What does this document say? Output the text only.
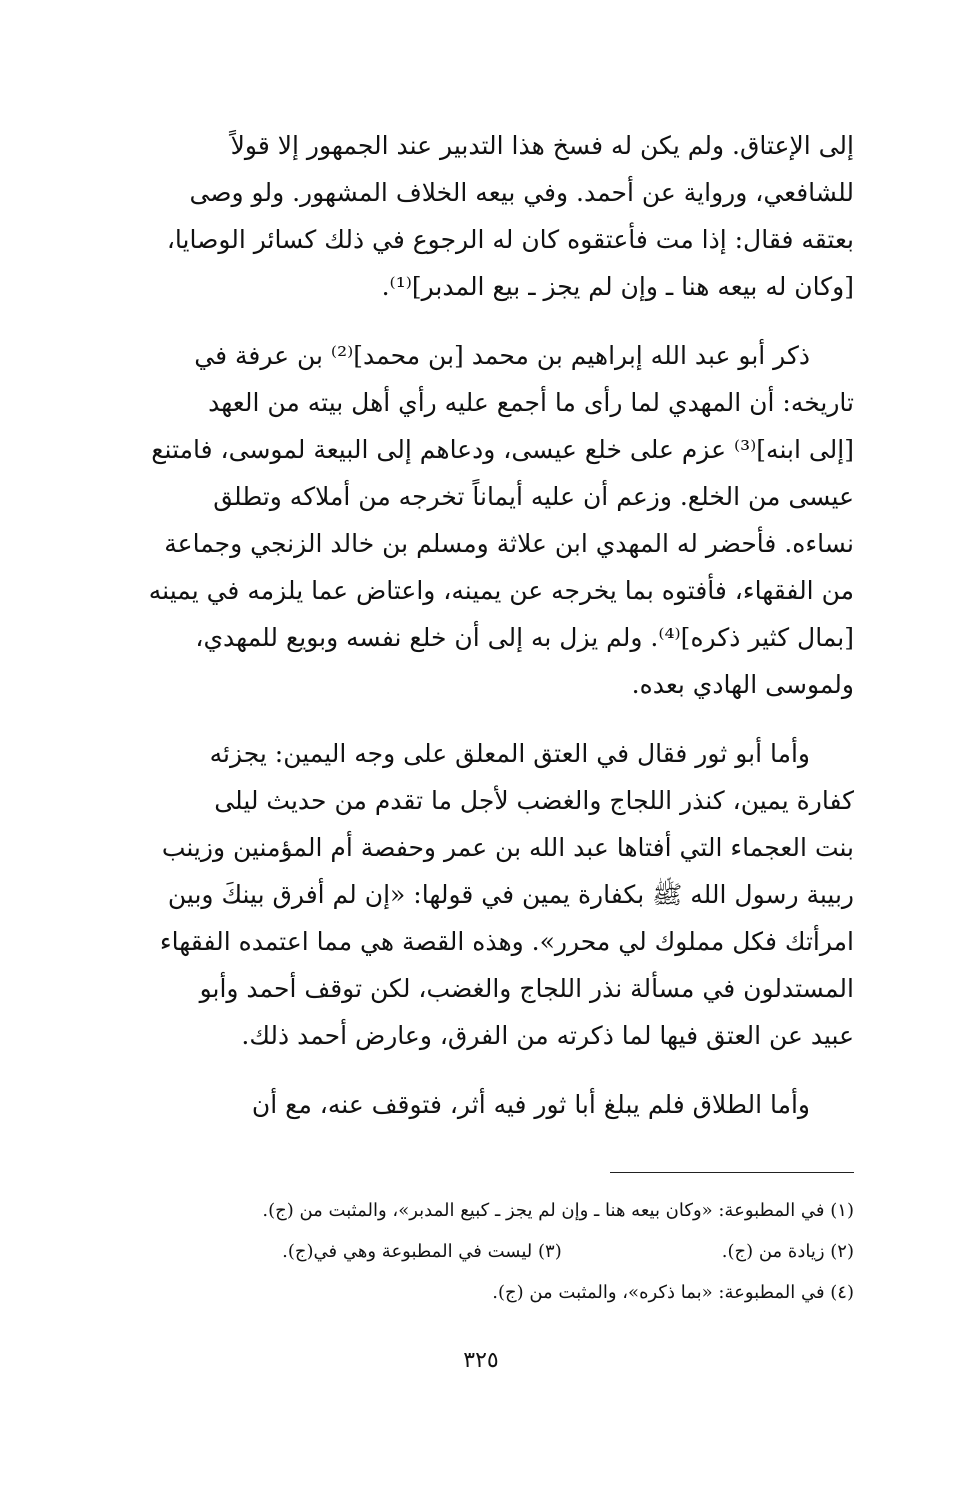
إلى الإعتاق. ولم يكن له فسخ هذا التدبير عند الجمهور إلا قولاً
للشافعي، ورواية عن أحمد. وفي بيعه الخلاف المشهور. ولو وصى
بعتقه فقال: إذا مت فأعتقوه كان له الرجوع في ذلك كسائر الوصايا،
[وكان له بيعه هنا ـ وإن لم يجز ـ بيع المدبر]⁽¹⁾.

ذكر أبو عبد الله إبراهيم بن محمد [بن محمد]⁽²⁾ بن عرفة في
تاريخه: أن المهدي لما رأى ما أجمع عليه رأي أهل بيته من العهد
[إلى ابنه]⁽³⁾ عزم على خلع عيسى، ودعاهم إلى البيعة لموسى، فامتنع
عيسى من الخلع. وزعم أن عليه أيماناً تخرجه من أملاكه وتطلق
نساءه. فأحضر له المهدي ابن علاثة ومسلم بن خالد الزنجي وجماعة
من الفقهاء، فأفتوه بما يخرجه عن يمينه، واعتاض عما يلزمه في يمينه
[بمال كثير ذكره]⁽⁴⁾. ولم يزل به إلى أن خلع نفسه وبويع للمهدي،
ولموسى الهادي بعده.

وأما أبو ثور فقال في العتق المعلق على وجه اليمين: يجزئه
كفارة يمين، كنذر اللجاج والغضب لأجل ما تقدم من حديث ليلى
بنت العجماء التي أفتاها عبد الله بن عمر وحفصة أم المؤمنين وزينب
ربيبة رسول الله ﷺ بكفارة يمين في قولها: «إن لم أفرق بينكَ وبين
امرأتك فكل مملوك لي محرر». وهذه القصة هي مما اعتمده الفقهاء
المستدلون في مسألة نذر اللجاج والغضب، لكن توقف أحمد وأبو
عبيد عن العتق فيها لما ذكرته من الفرق، وعارض أحمد ذلك.

وأما الطلاق فلم يبلغ أبا ثور فيه أثر، فتوقف عنه، مع أن

(١) في المطبوعة: «وكان بيعه هنا ـ وإن لم يجز ـ كبيع المدبر»، والمثبت من (ج).
(٢) زيادة من (ج).
(٣) ليست في المطبوعة وهي في(ج).
(٤) في المطبوعة: «بما ذكره»، والمثبت من (ج).
٣٢٥
